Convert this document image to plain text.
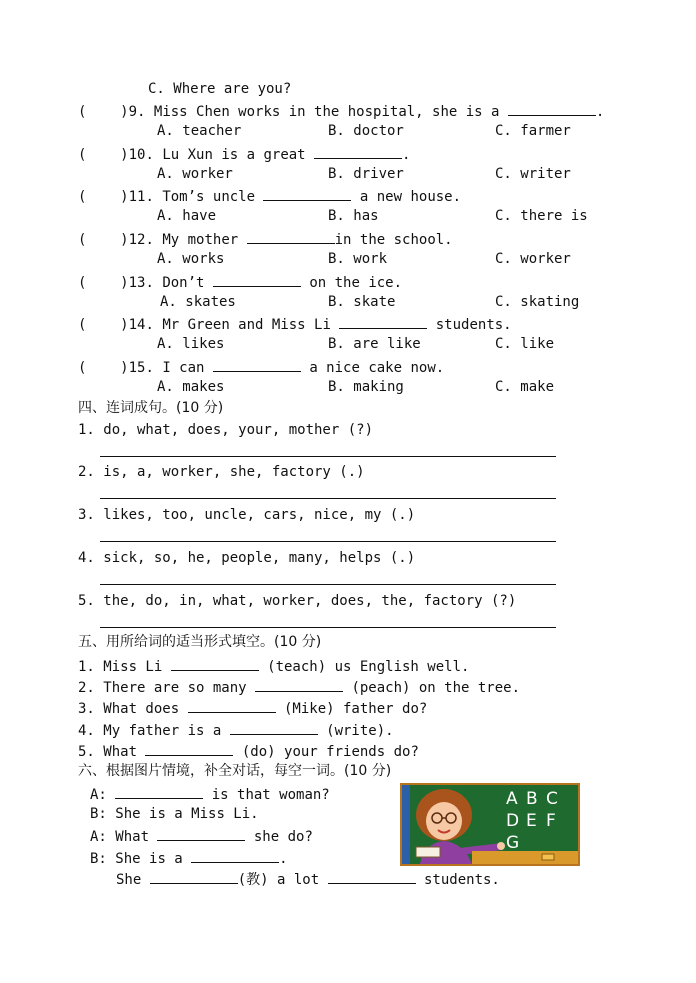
C. Where are you?
(    )9. Miss Chen works in the hospital, she is a	.
A. teacher	B. doctor	C. farmer
(    )10. Lu Xun is a great	.
A. worker	B. driver	C. writer
(    )11. Tom’s uncle	a new house.
A. have	B. has	C. there is
(    )12. My mother	in the school.
A. works	B. work	C. worker
(    )13. Don’t	on the ice.
A. skates	B. skate	C. skating
(    )14. Mr Green and Miss Li	students.
A. likes	B. are like	C. like
(    )15. I can	a nice cake now.
A. makes	B. making	C. make
四、连词成句。(10 分)
1. do, what, does, your, mother (?)
2. is, a, worker, she, factory (.)
3. likes, too, uncle, cars, nice, my (.)
4. sick, so, he, people, many, helps (.)
5. the, do, in, what, worker, does, the, factory (?)
五、用所给词的适当形式填空。(10 分)
1. Miss Li	(teach) us English well.
2. There are so many	(peach) on the tree.
3. What does	(Mike) father do?
4. My father is a	(write).
5. What	(do) your friends do?
六、根据图片情境，补全对话，每空一词。(10 分)
A:	is that woman?
B: She is a Miss Li.
A: What	she do?
B: She is a	.
She	(教) a lot	students.
A B C
D E F
G
